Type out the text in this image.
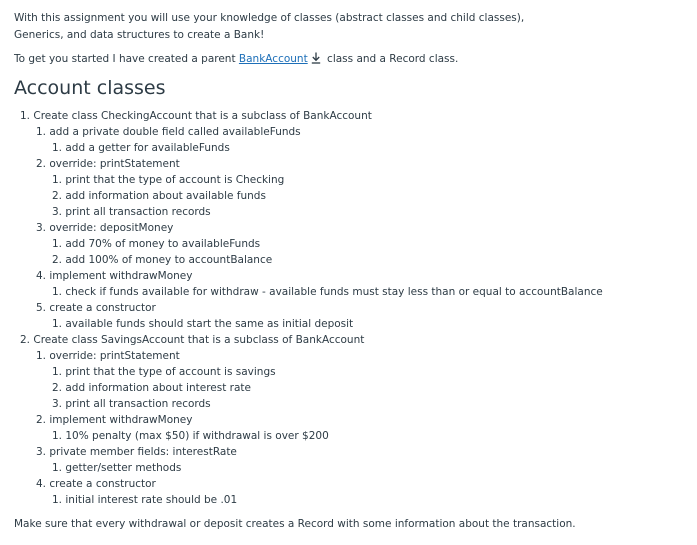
With this assignment you will use your knowledge of classes (abstract classes and child classes), Generics, and data structures to create a Bank!

To get you started I have created a parent BankAccount class and a Record class.

Account classes
1. Create class CheckingAccount that is a subclass of BankAccount
1. add a private double field called availableFunds
1. add a getter for availableFunds
2. override: printStatement
1. print that the type of account is Checking
2. add information about available funds
3. print all transaction records
3. override: depositMoney
1. add 70% of money to availableFunds
2. add 100% of money to accountBalance
4. implement withdrawMoney
1. check if funds available for withdraw - available funds must stay less than or equal to accountBalance
5. create a constructor
1. available funds should start the same as initial deposit
2. Create class SavingsAccount that is a subclass of BankAccount
1. override: printStatement
1. print that the type of account is savings
2. add information about interest rate
3. print all transaction records
2. implement withdrawMoney
1. 10% penalty (max $50) if withdrawal is over $200
3. private member fields: interestRate
1. getter/setter methods
4. create a constructor
1. initial interest rate should be .01

Make sure that every withdrawal or deposit creates a Record with some information about the transaction.
